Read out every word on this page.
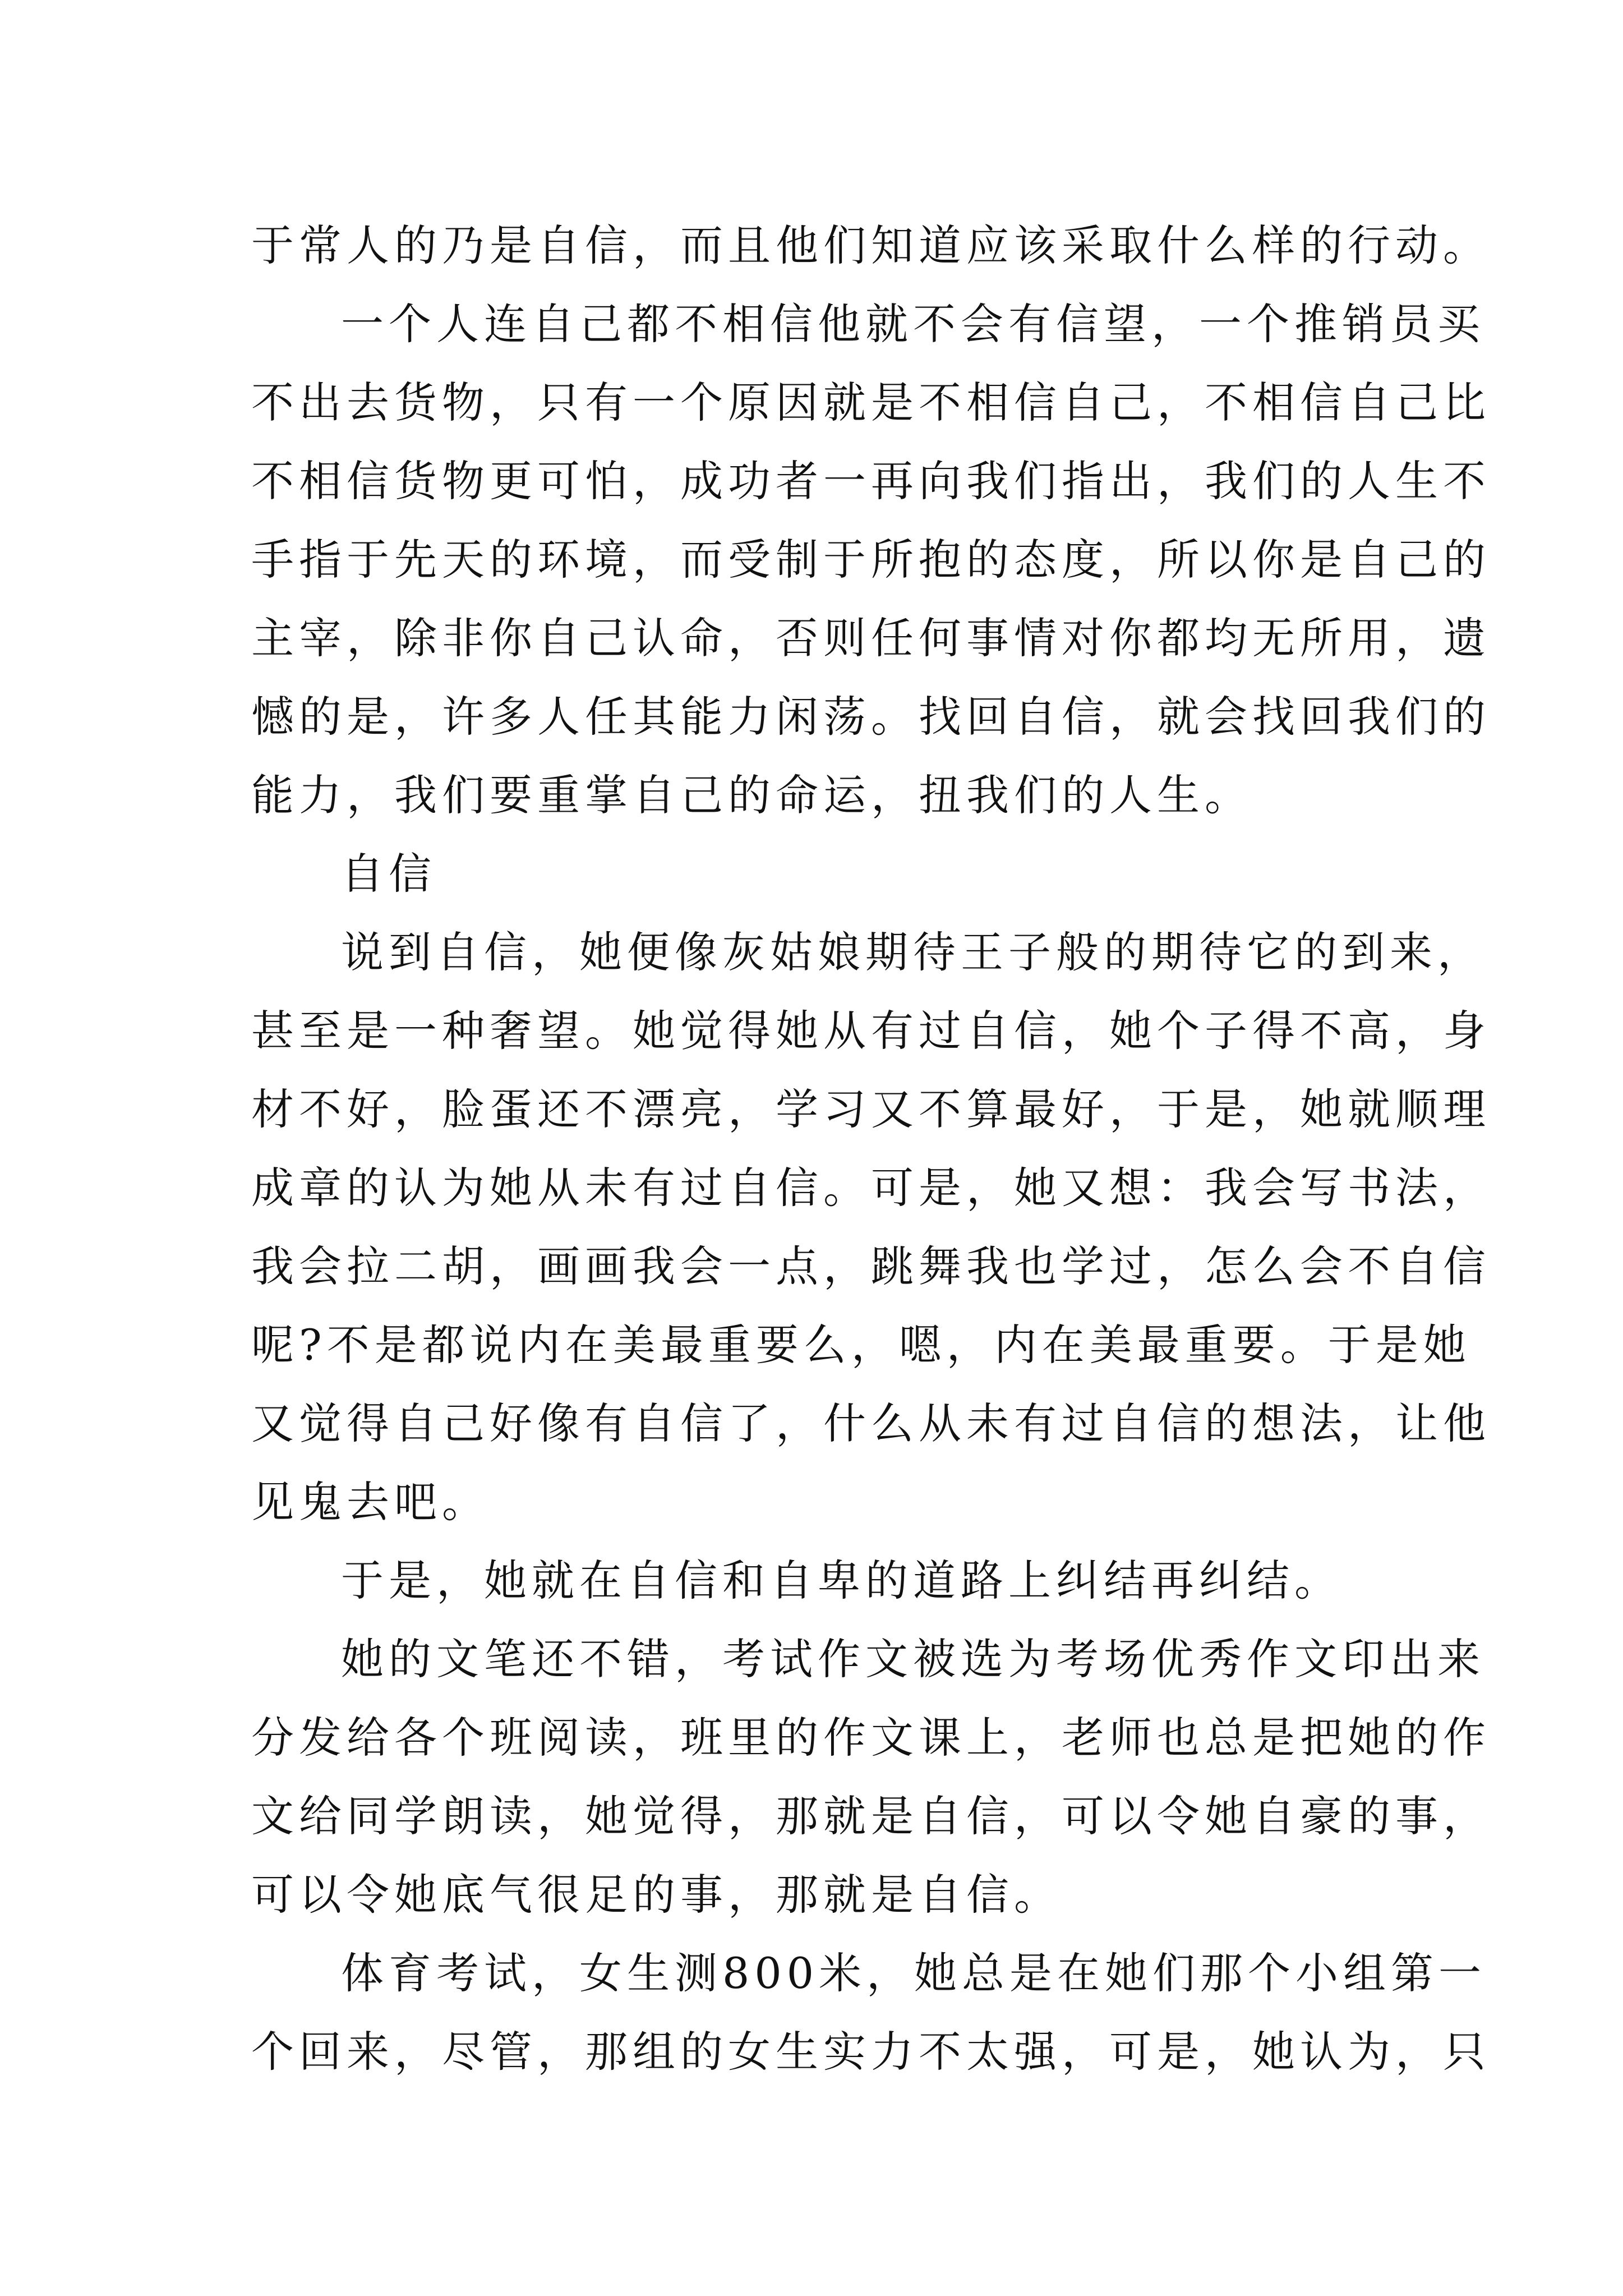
于常人的乃是自信，而且他们知道应该采取什么样的行动。
一个人连自己都不相信他就不会有信望，一个推销员买
不出去货物，只有一个原因就是不相信自己，不相信自己比
不相信货物更可怕，成功者一再向我们指出，我们的人生不
手指于先天的环境，而受制于所抱的态度，所以你是自己的
主宰，除非你自己认命，否则任何事情对你都均无所用，遗
憾的是，许多人任其能力闲荡。找回自信，就会找回我们的
能力，我们要重掌自己的命运，扭我们的人生。
自信
说到自信，她便像灰姑娘期待王子般的期待它的到来，
甚至是一种奢望。她觉得她从有过自信，她个子得不高，身
材不好，脸蛋还不漂亮，学习又不算最好，于是，她就顺理
成章的认为她从未有过自信。可是，她又想：我会写书法，
我会拉二胡，画画我会一点，跳舞我也学过，怎么会不自信
呢?不是都说内在美最重要么，嗯，内在美最重要。于是她
又觉得自己好像有自信了，什么从未有过自信的想法，让他
见鬼去吧。
于是，她就在自信和自卑的道路上纠结再纠结。
她的文笔还不错，考试作文被选为考场优秀作文印出来
分发给各个班阅读，班里的作文课上，老师也总是把她的作
文给同学朗读，她觉得，那就是自信，可以令她自豪的事，
可以令她底气很足的事，那就是自信。
体育考试，女生测800米，她总是在她们那个小组第一
个回来，尽管，那组的女生实力不太强，可是，她认为，只
